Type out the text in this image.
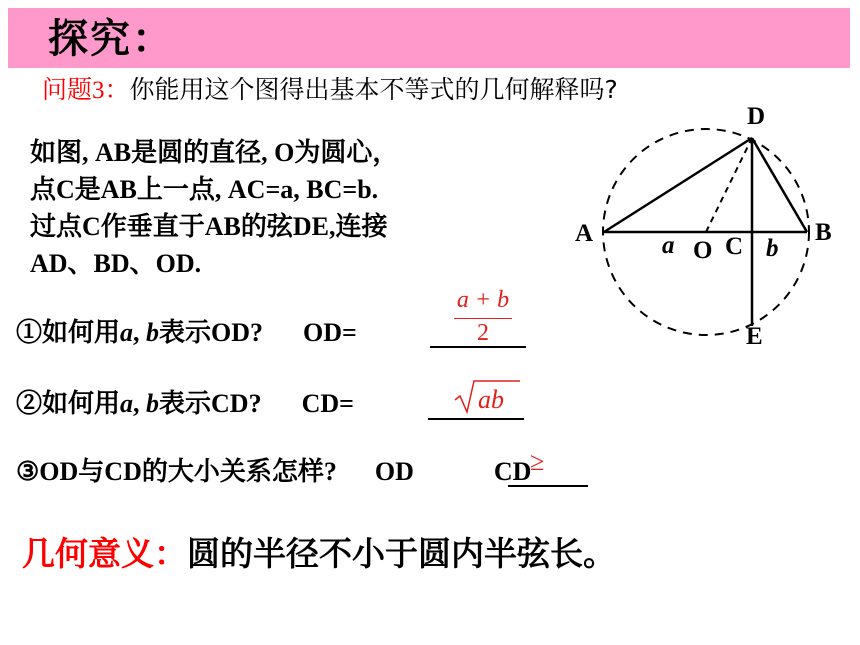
探究：
问题3：你能用这个图得出基本不等式的几何解释吗?
如图, AB是圆的直径, O为圆心，
点C是AB上一点, AC=a, BC=b.
过点C作垂直于AB的弦DE,连接
AD、BD、OD.
①如何用a, b表示OD? OD=
a + b
2
②如何用a, b表示CD? CD=	ab
③OD与CD的大小关系怎样? OD	CD
≥
几何意义：圆的半径不小于圆内半弦长。
D
A	B
O C
E
a	b
